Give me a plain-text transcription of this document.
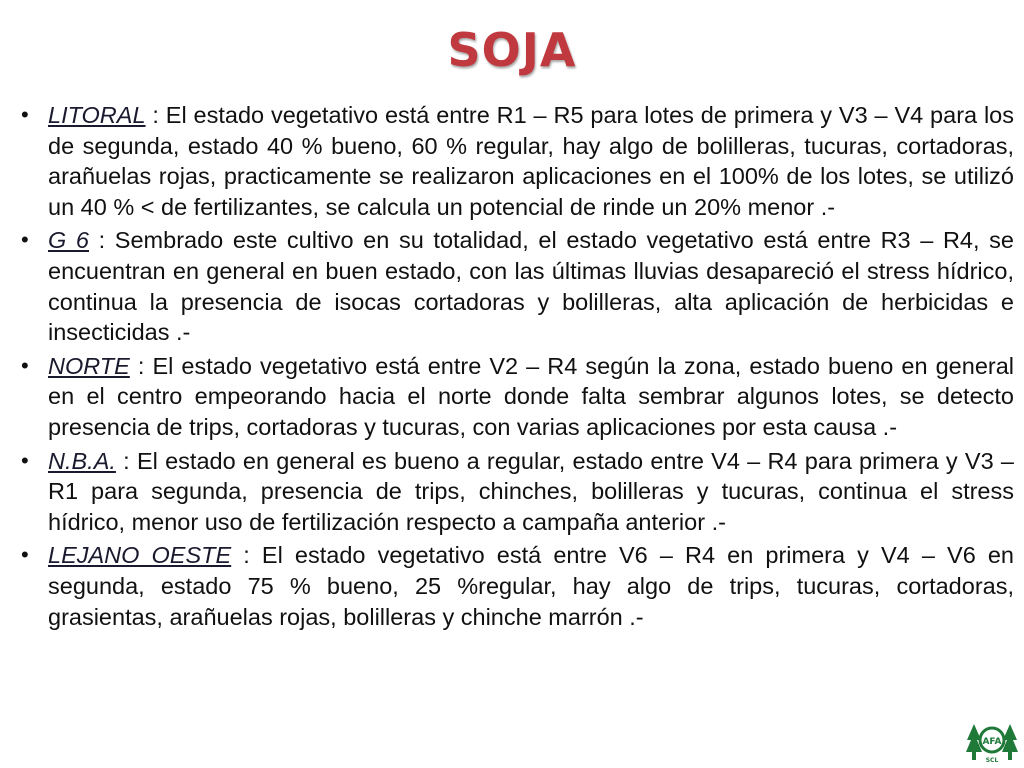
SOJA
• LITORAL : El estado vegetativo está entre R1 – R5 para lotes de primera y V3 – V4 para los de segunda, estado 40 % bueno, 60 % regular, hay algo de bolilleras, tucuras, cortadoras, arañuelas rojas, practicamente se realizaron aplicaciones en el 100% de los lotes, se utilizó un 40 % < de fertilizantes, se calcula un potencial de rinde un 20% menor .-
• G 6 : Sembrado este cultivo en su totalidad, el estado vegetativo está entre R3 – R4, se encuentran en general en buen estado, con las últimas lluvias desapareció el stress hídrico, continua la presencia de isocas cortadoras y bolilleras, alta aplicación de herbicidas e insecticidas .-
• NORTE : El estado vegetativo está entre V2 – R4 según la zona, estado bueno en general en el centro empeorando hacia el norte donde falta sembrar algunos lotes, se detecto presencia de trips, cortadoras y tucuras, con varias aplicaciones por esta causa .-
• N.B.A. : El estado en general es bueno a regular, estado entre V4 – R4 para primera y V3 – R1 para segunda, presencia de trips, chinches, bolilleras y tucuras, continua el stress hídrico, menor uso de fertilización respecto a campaña anterior .-
• LEJANO OESTE : El estado vegetativo está entre V6 – R4 en primera y V4 – V6 en segunda, estado 75 % bueno, 25 %regular, hay algo de trips, tucuras, cortadoras, grasientas, arañuelas rojas, bolilleras y chinche marrón .-
AFA
SCL
